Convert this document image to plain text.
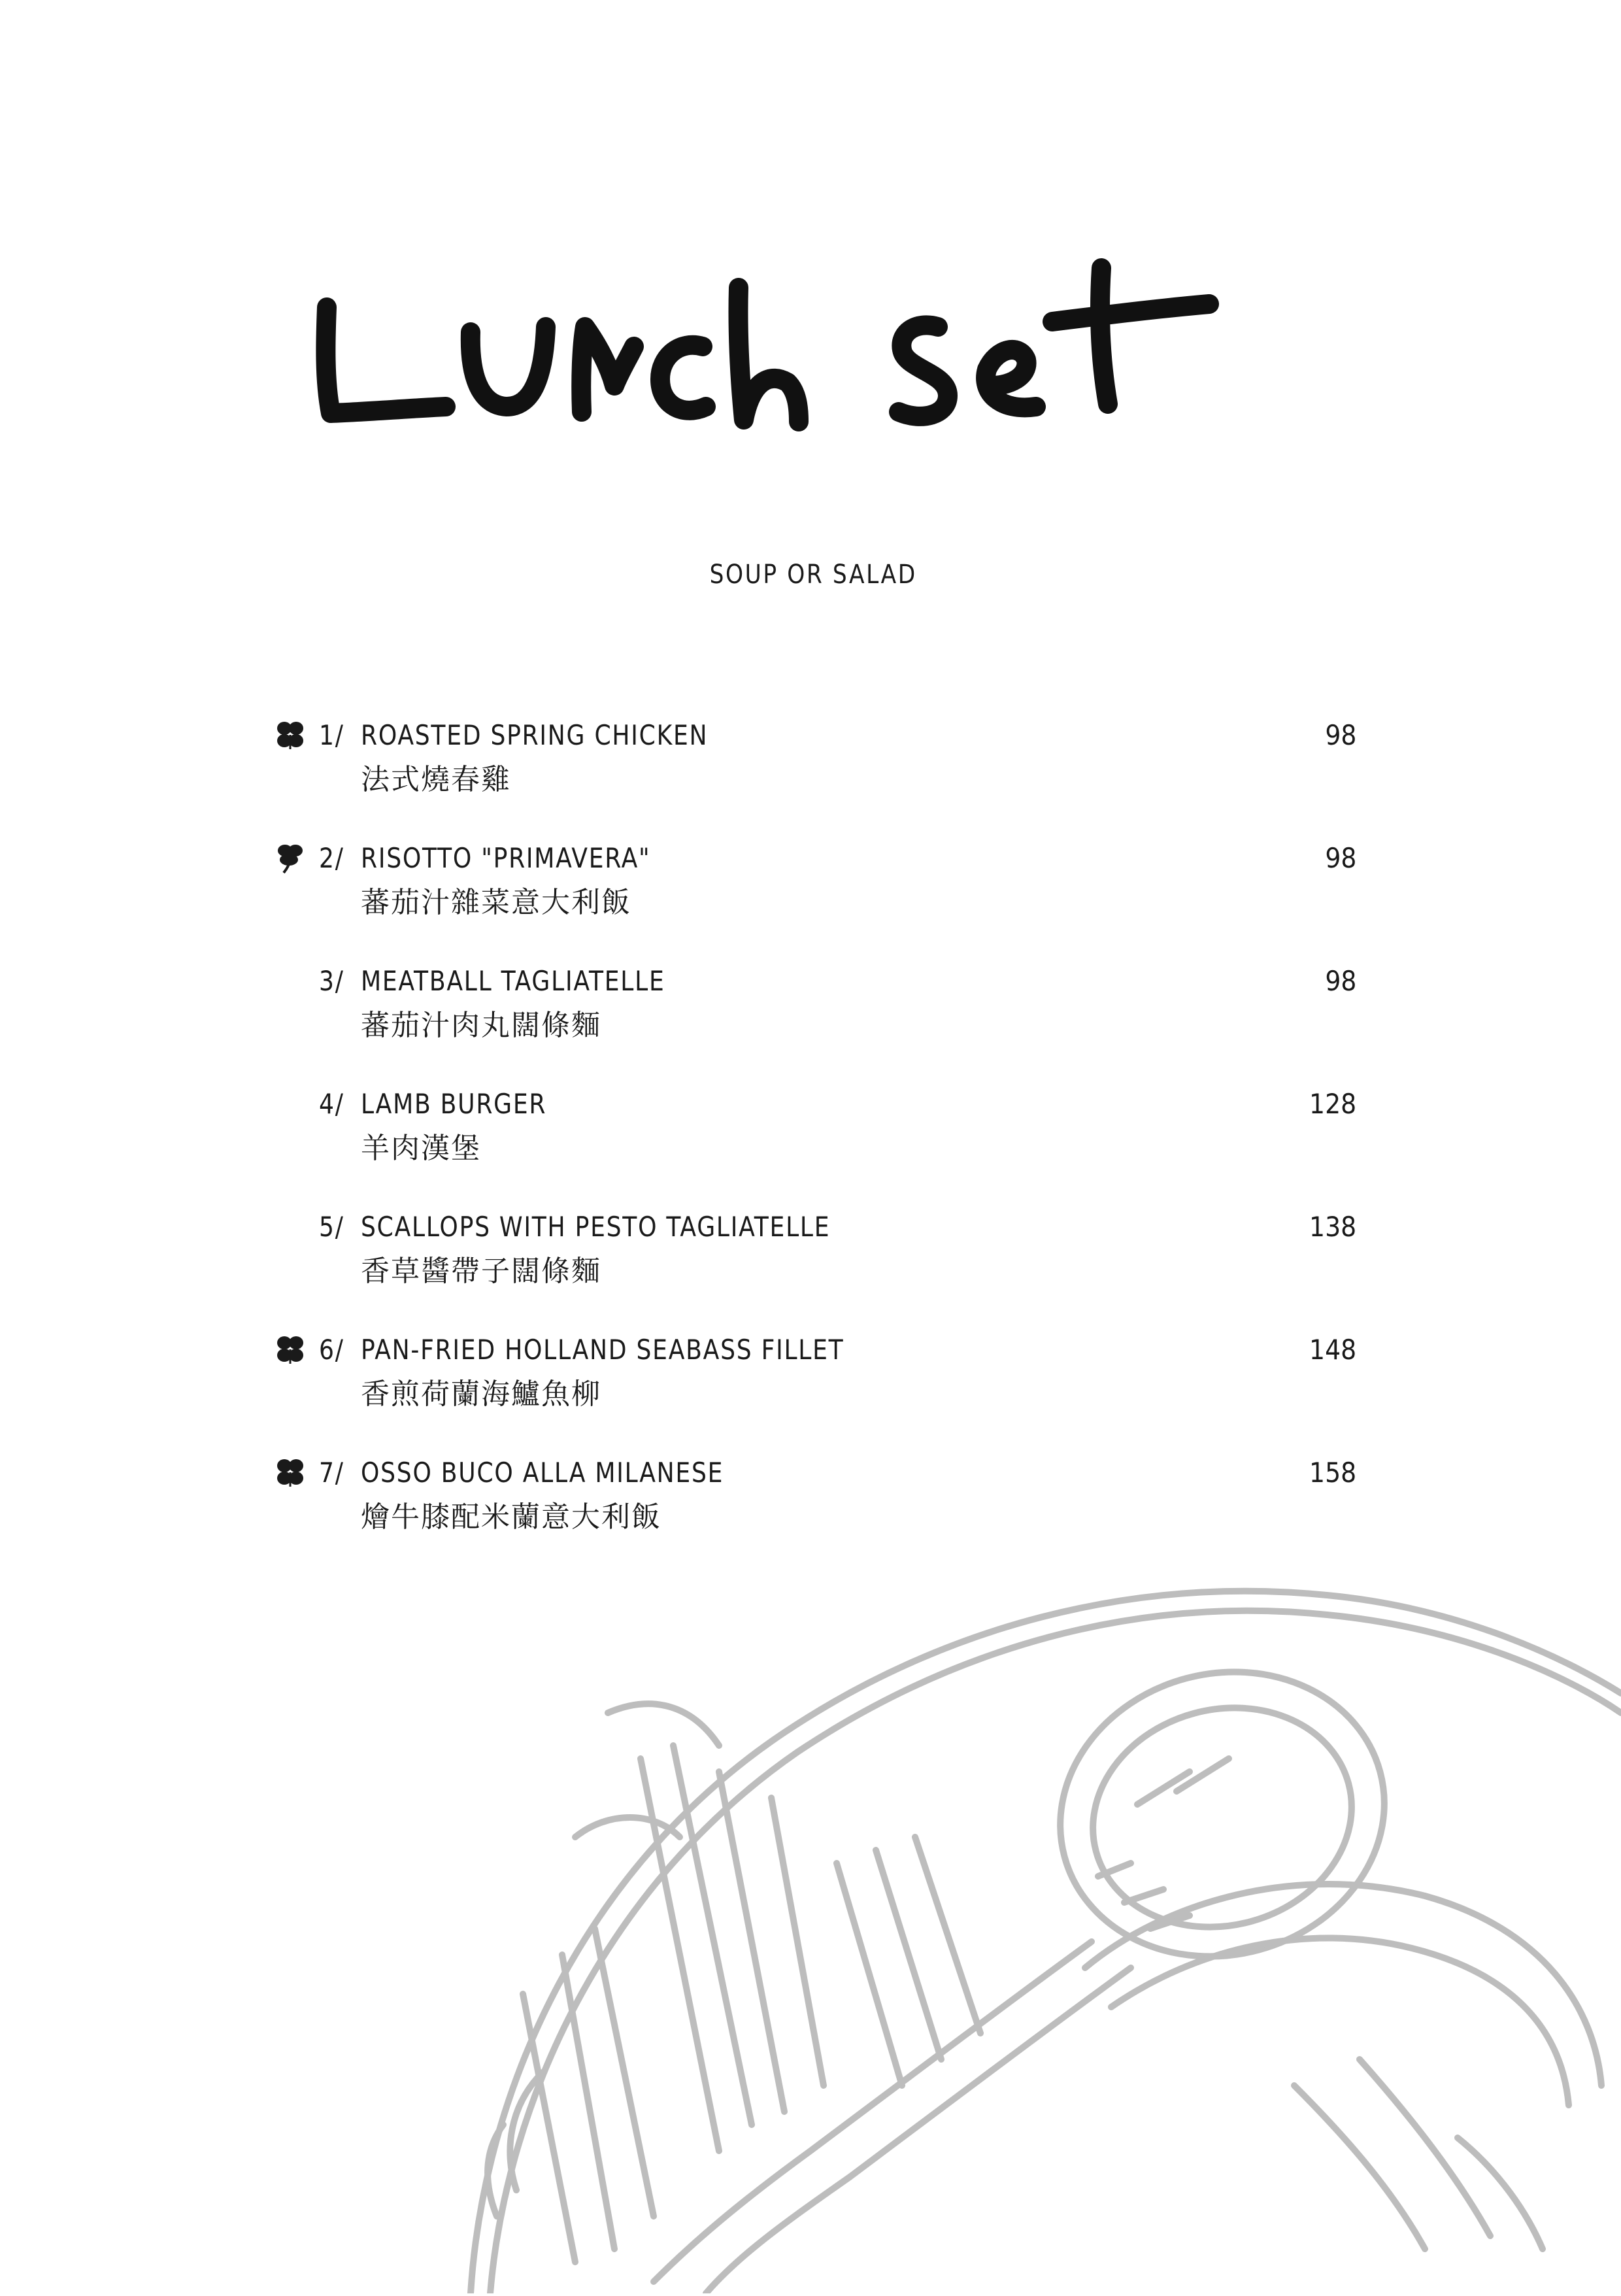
SOUP OR SALAD
1/ ROASTED SPRING CHICKEN
法式燒春雞
98
2/ RISOTTO "PRIMAVERA"
蕃茄汁雜菜意大利飯
98
3/ MEATBALL TAGLIATELLE
蕃茄汁肉丸闊條麵
98
4/ LAMB BURGER
羊肉漢堡
128
5/ SCALLOPS WITH PESTO TAGLIATELLE
香草醬帶子闊條麵
138
6/ PAN-FRIED HOLLAND SEABASS FILLET
香煎荷蘭海鱸魚柳
148
7/ OSSO BUCO ALLA MILANESE
燴牛膝配米蘭意大利飯
158
